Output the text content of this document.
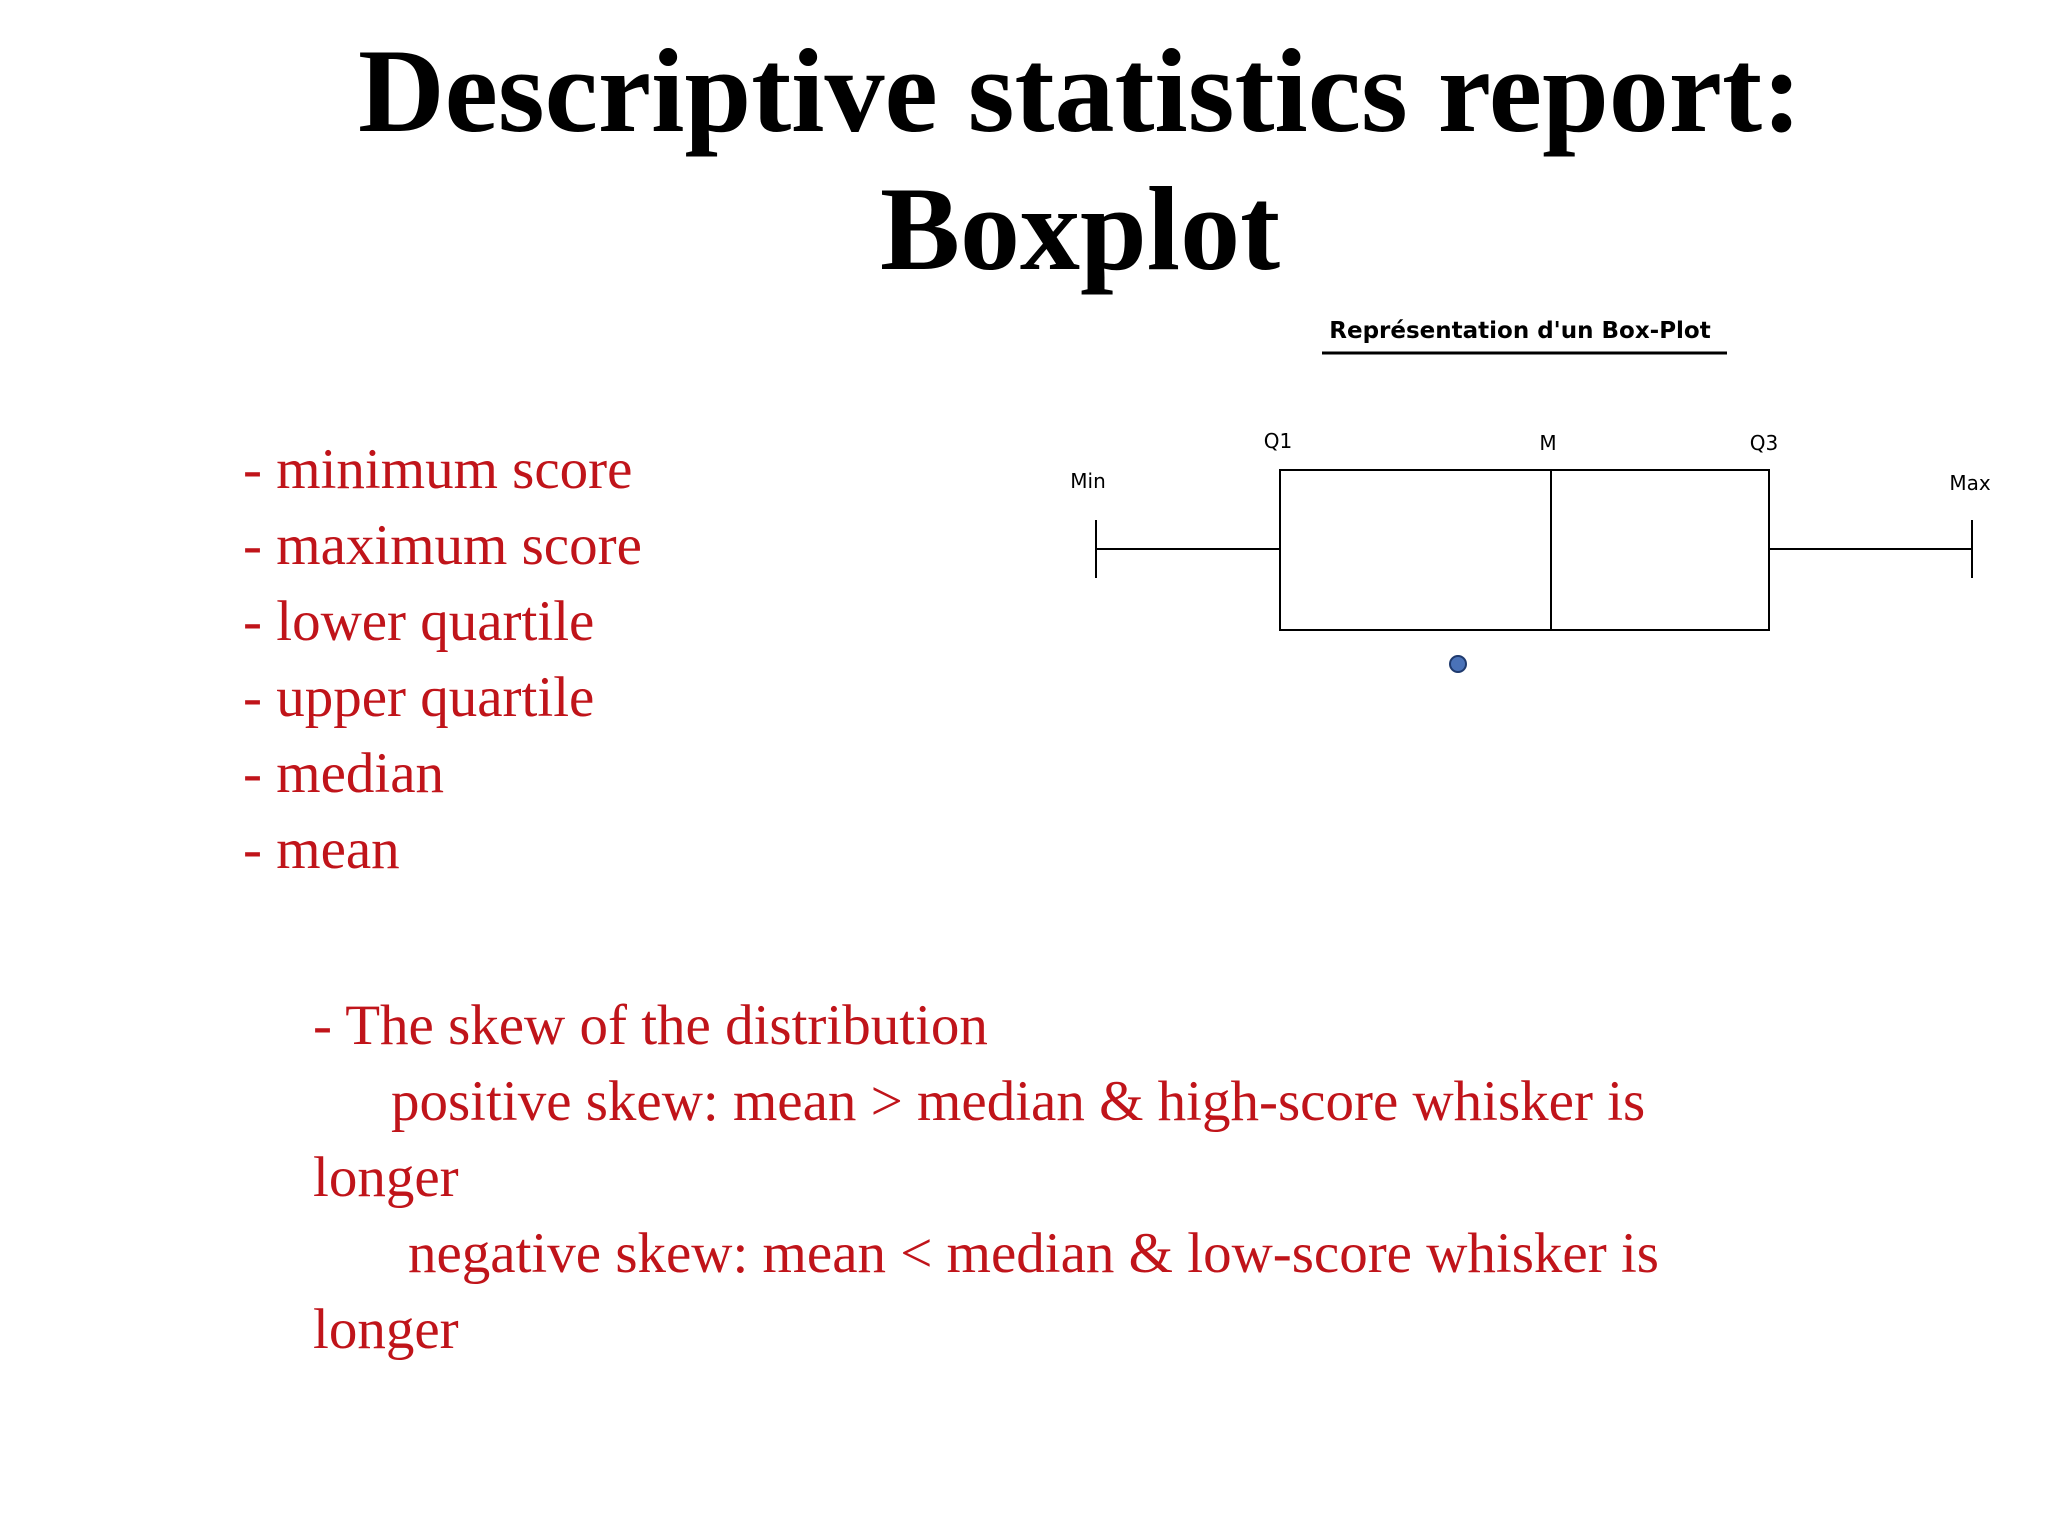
Descriptive statistics report:
Boxplot
- minimum score
- maximum score
- lower quartile
- upper quartile
- median
- mean
Représentation d'un Box-Plot
Min
Q1	M	Q3
Max

- The skew of the distribution

positive skew: mean > median & high-score whisker is

longer

negative skew: mean < median & low-score whisker is

longer
